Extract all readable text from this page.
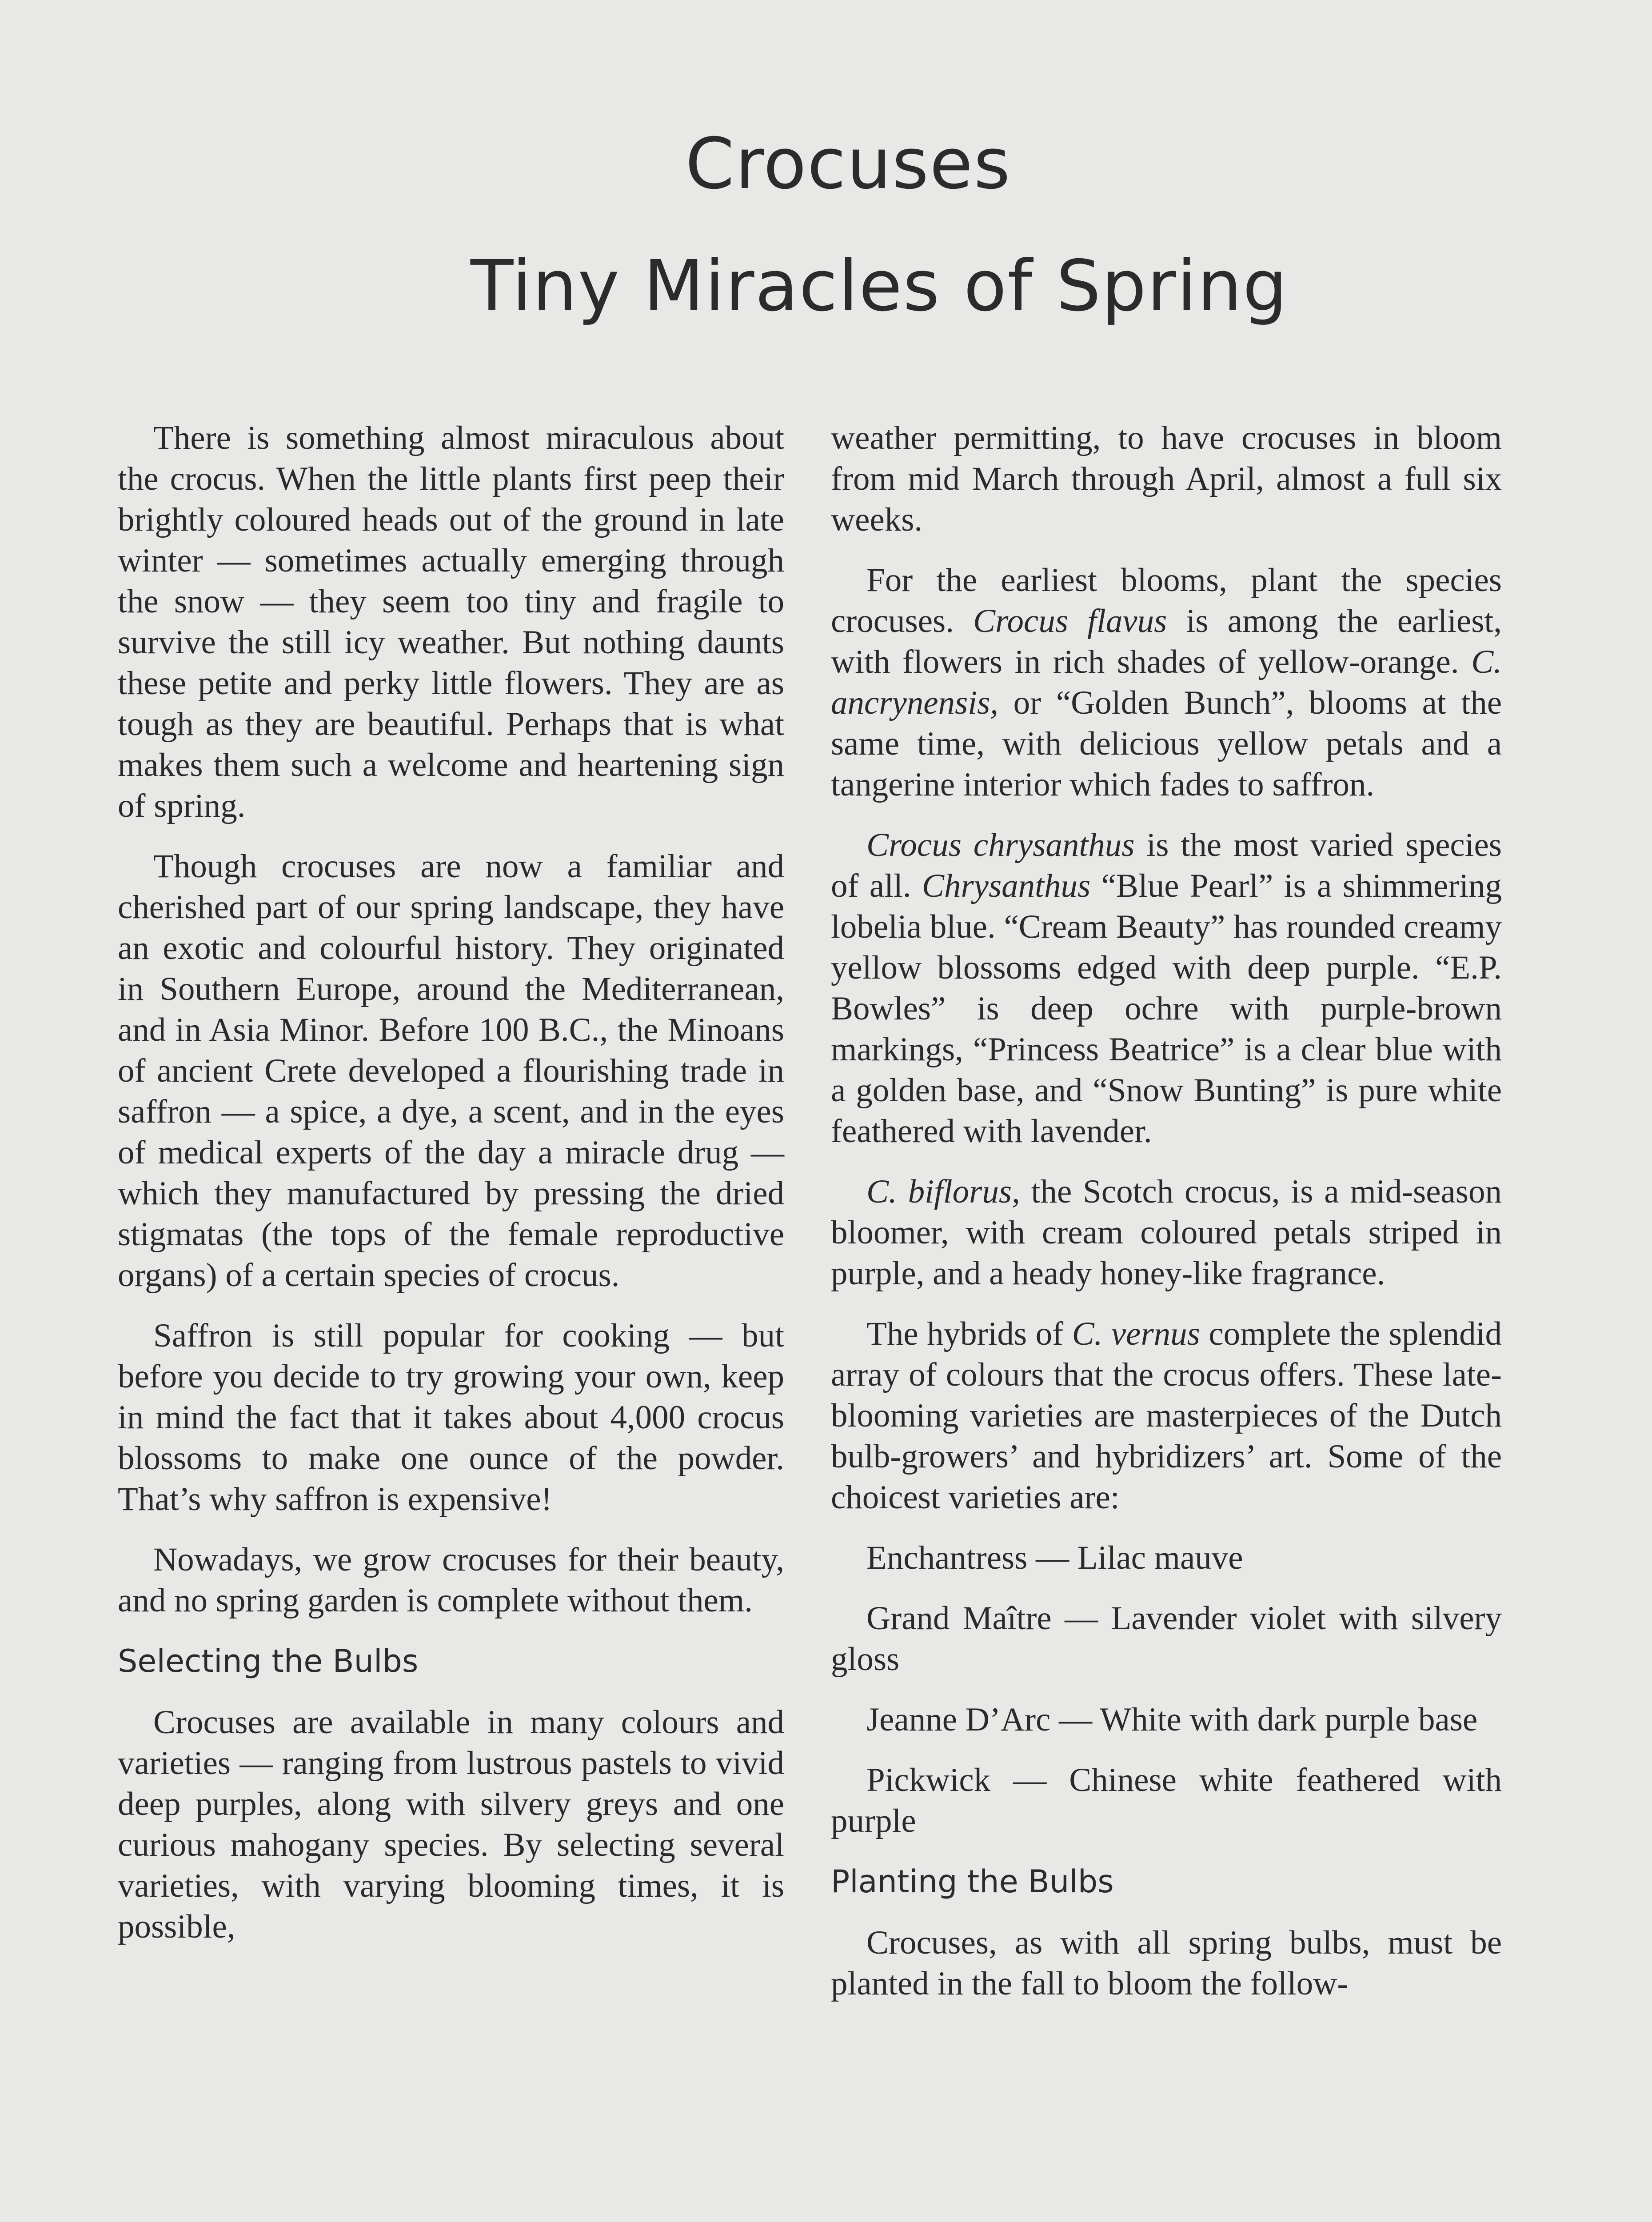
Crocuses
Tiny Miracles of Spring

There is something almost miraculous about the crocus. When the little plants first peep their brightly coloured heads out of the ground in late winter — sometimes actually emerging through the snow — they seem too tiny and fragile to survive the still icy weather. But nothing daunts these petite and perky little flowers. They are as tough as they are beautiful. Perhaps that is what makes them such a welcome and heartening sign of spring.

Though crocuses are now a familiar and cherished part of our spring landscape, they have an exotic and colourful history. They originated in Southern Europe, around the Mediterranean, and in Asia Minor. Before 100 B.C., the Minoans of ancient Crete developed a flourishing trade in saffron — a spice, a dye, a scent, and in the eyes of medical experts of the day a miracle drug — which they manufactured by pressing the dried stigmatas (the tops of the female reproductive organs) of a certain species of crocus.

Saffron is still popular for cooking — but before you decide to try growing your own, keep in mind the fact that it takes about 4,000 crocus blossoms to make one ounce of the powder. That’s why saffron is expensive!

Nowadays, we grow crocuses for their beauty, and no spring garden is complete without them.

Selecting the Bulbs

Crocuses are available in many colours and varieties — ranging from lustrous pastels to vivid deep purples, along with silvery greys and one curious mahogany species. By selecting several varieties, with varying blooming times, it is possible,

weather permitting, to have crocuses in bloom from mid March through April, almost a full six weeks.

For the earliest blooms, plant the species crocuses. Crocus flavus is among the earliest, with flowers in rich shades of yellow-orange. C. ancrynensis, or “Golden Bunch”, blooms at the same time, with delicious yellow petals and a tangerine interior which fades to saffron.

Crocus chrysanthus is the most varied species of all. Chrysanthus “Blue Pearl” is a shimmering lobelia blue. “Cream Beauty” has rounded creamy yellow blossoms edged with deep purple. “E.P. Bowles” is deep ochre with purple-brown markings, “Princess Beatrice” is a clear blue with a golden base, and “Snow Bunting” is pure white feathered with lavender.

C. biflorus, the Scotch crocus, is a mid-season bloomer, with cream coloured petals striped in purple, and a heady honey-like fragrance.

The hybrids of C. vernus complete the splendid array of colours that the crocus offers. These late-blooming varieties are masterpieces of the Dutch bulb-growers’ and hybridizers’ art. Some of the choicest varieties are:

Enchantress — Lilac mauve

Grand Maître — Lavender violet with silvery gloss

Jeanne D’Arc — White with dark purple base

Pickwick — Chinese white feathered with purple

Planting the Bulbs

Crocuses, as with all spring bulbs, must be planted in the fall to bloom the follow-
